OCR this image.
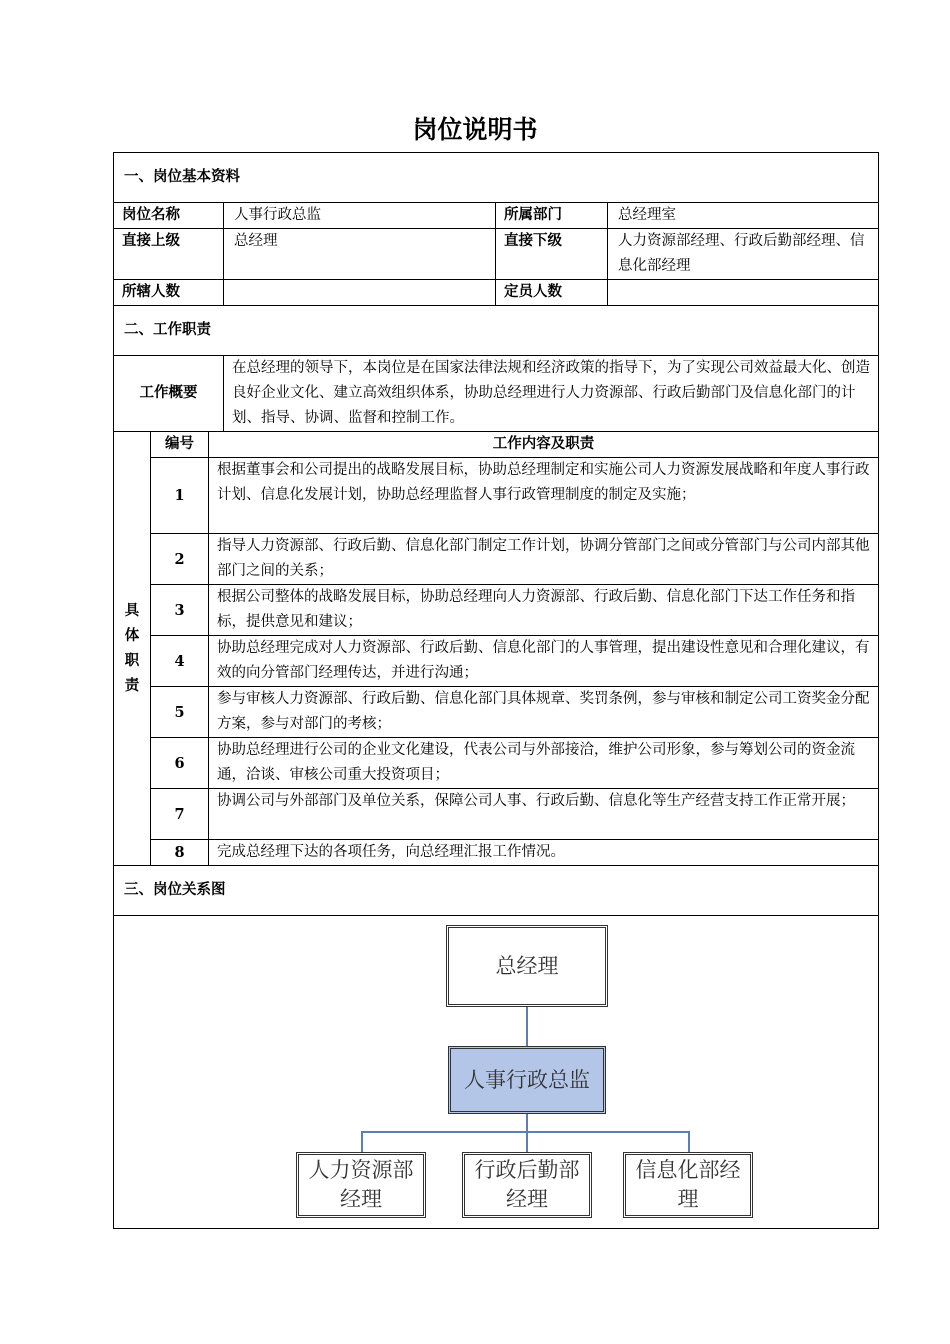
岗位说明书
一、岗位基本资料					
岗位名称			人事行政总监	所属部门	总经理室
直接上级			总经理	直接下级	人力资源部经理、行政后勤部经理、信息化部经理
所辖人数				定员人数	
二、工作职责					
工作概要			在总经理的领导下，本岗位是在国家法律法规和经济政策的指导下，为了实现公司效益最大化、创造良好企业文化、建立高效组织体系，协助总经理进行人力资源部、行政后勤部门及信息化部门的计划、指导、协调、监督和控制工作。		

具体职责	编号	工作内容及职责			
	1	根据董事会和公司提出的战略发展目标，协助总经理制定和实施公司人力资源发展战略和年度人事行政计划、信息化发展计划，协助总经理监督人事行政管理制度的制定及实施；			
	2	指导人力资源部、行政后勤、信息化部门制定工作计划，协调分管部门之间或分管部门与公司内部其他部门之间的关系；			
	3	根据公司整体的战略发展目标，协助总经理向人力资源部、行政后勤、信息化部门下达工作任务和指标，提供意见和建议；			
	4	协助总经理完成对人力资源部、行政后勤、信息化部门的人事管理，提出建设性意见和合理化建议，有效的向分管部门经理传达，并进行沟通；			
	5	参与审核人力资源部、行政后勤、信息化部门具体规章、奖罚条例，参与审核和制定公司工资奖金分配方案，参与对部门的考核；			
	6	协助总经理进行公司的企业文化建设，代表公司与外部接洽，维护公司形象，参与筹划公司的资金流通，洽谈、审核公司重大投资项目；			
	7	协调公司与外部部门及单位关系，保障公司人事、行政后勤、信息化等生产经营支持工作正常开展；			
	8	完成总经理下达的各项任务，向总经理汇报工作情况。			
三、岗位关系图					

总经理
人事行政总监
人力资源部经理
行政后勤部经理
信息化部经理					
